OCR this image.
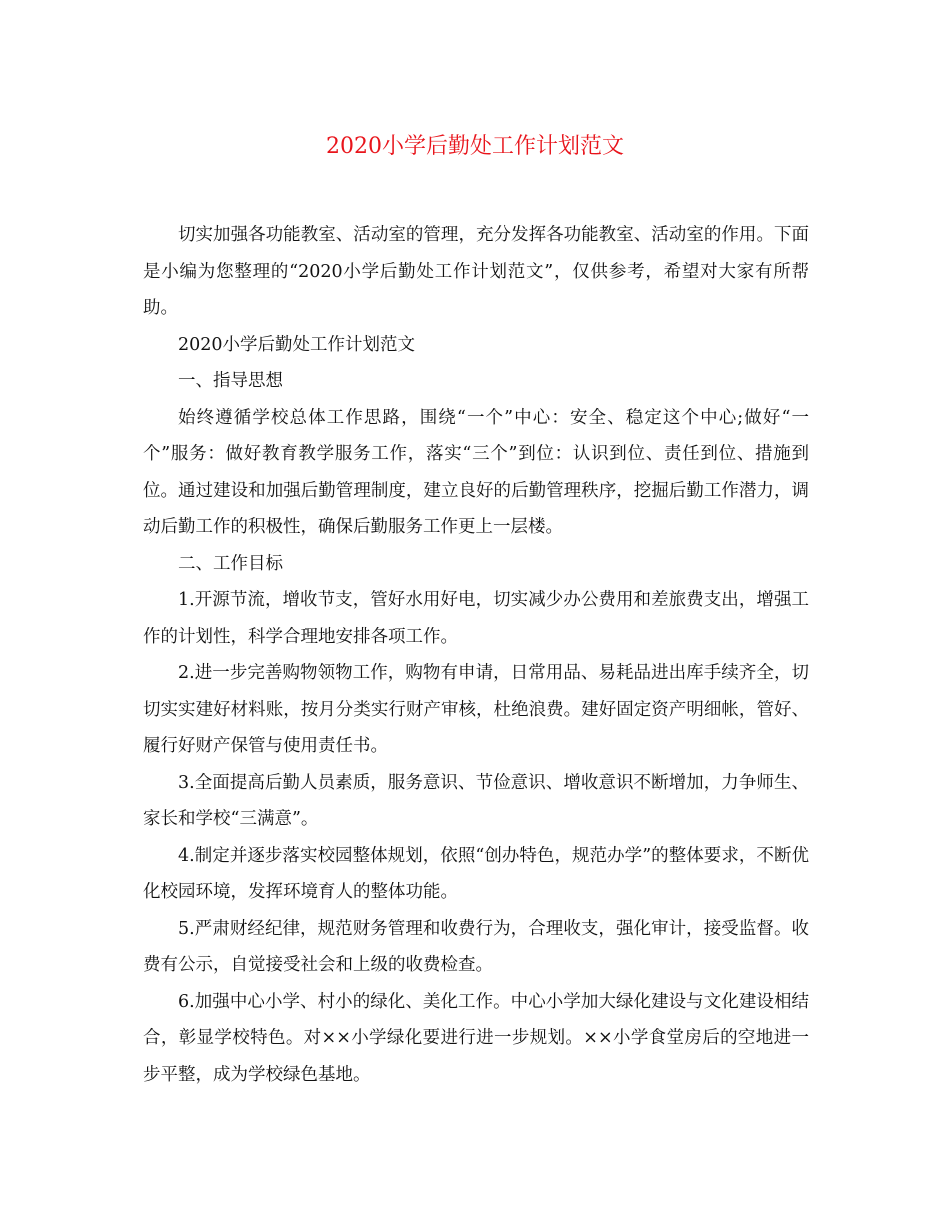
2020小学后勤处工作计划范文

切实加强各功能教室、活动室的管理，充分发挥各功能教室、活动室的作用。下面是小编为您整理的“2020小学后勤处工作计划范文”，仅供参考，希望对大家有所帮助。

2020小学后勤处工作计划范文

一、指导思想

始终遵循学校总体工作思路，围绕“一个”中心：安全、稳定这个中心;做好“一个”服务：做好教育教学服务工作，落实“三个”到位：认识到位、责任到位、措施到位。通过建设和加强后勤管理制度，建立良好的后勤管理秩序，挖掘后勤工作潜力，调动后勤工作的积极性，确保后勤服务工作更上一层楼。

二、工作目标

1.开源节流，增收节支，管好水用好电，切实减少办公费用和差旅费支出，增强工作的计划性，科学合理地安排各项工作。

2.进一步完善购物领物工作，购物有申请，日常用品、易耗品进出库手续齐全，切切实实建好材料账，按月分类实行财产审核，杜绝浪费。建好固定资产明细帐，管好、履行好财产保管与使用责任书。

3.全面提高后勤人员素质，服务意识、节俭意识、增收意识不断增加，力争师生、家长和学校“三满意”。

4.制定并逐步落实校园整体规划，依照“创办特色，规范办学”的整体要求，不断优化校园环境，发挥环境育人的整体功能。

5.严肃财经纪律，规范财务管理和收费行为，合理收支，强化审计，接受监督。收费有公示，自觉接受社会和上级的收费检查。

6.加强中心小学、村小的绿化、美化工作。中心小学加大绿化建设与文化建设相结合，彰显学校特色。对××小学绿化要进行进一步规划。××小学食堂房后的空地进一步平整，成为学校绿色基地。
